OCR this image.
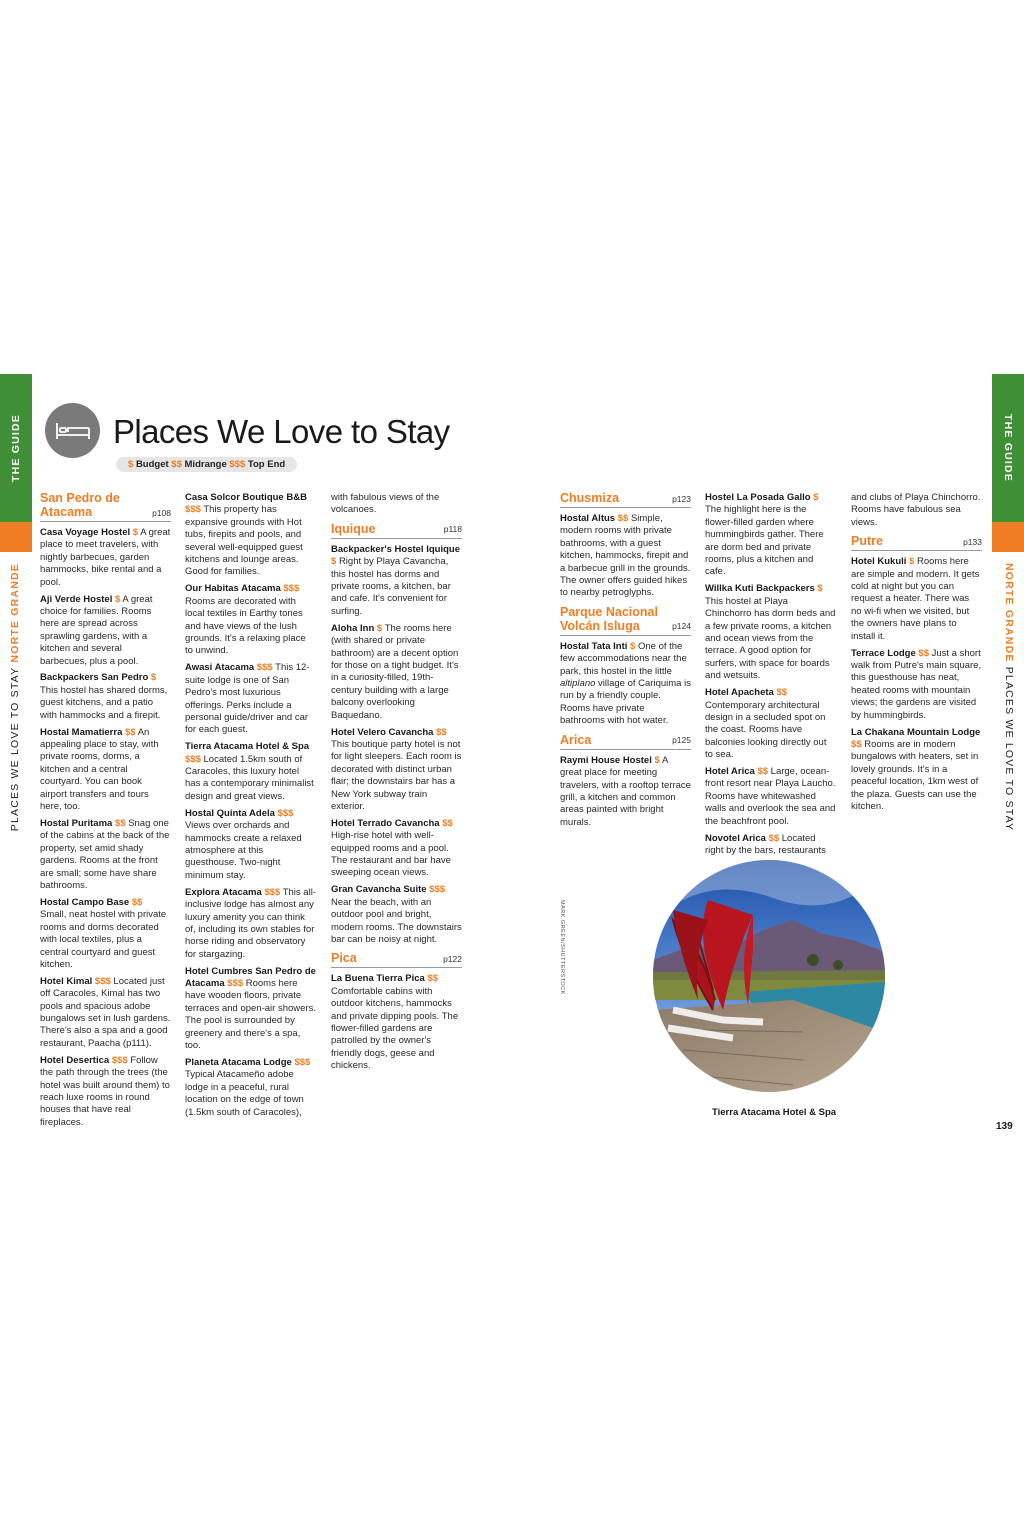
THE GUIDE
PLACES WE LOVE TO STAY NORTE GRANDE
THE GUIDE
NORTE GRANDE PLACES WE LOVE TO STAY
Places We Love to Stay
$ Budget $$ Midrange $$$ Top End
San Pedro de Atacama	p108

Casa Voyage Hostel $ A great place to meet travelers, with nightly barbecues, garden hammocks, bike rental and a pool.

Aji Verde Hostel $ A great choice for families. Rooms here are spread across sprawling gardens, with a kitchen and several barbecues, plus a pool.

Backpackers San Pedro $ This hostel has shared dorms, guest kitchens, and a patio with hammocks and a firepit.

Hostal Mamatierra $$ An appealing place to stay, with private rooms, dorms, a kitchen and a central courtyard. You can book airport transfers and tours here, too.

Hostal Puritama $$ Snag one of the cabins at the back of the property, set amid shady gardens. Rooms at the front are small; some have share bathrooms.

Hostal Campo Base $$ Small, neat hostel with private rooms and dorms decorated with local textiles, plus a central courtyard and guest kitchen.

Hotel Kimal $$$ Located just off Caracoles, Kimal has two pools and spacious adobe bungalows set in lush gardens. There's also a spa and a good restaurant, Paacha (p111).

Hotel Desertica $$$ Follow the path through the trees (the hotel was built around them) to reach luxe rooms in round houses that have real fireplaces.

Casa Solcor Boutique B&B $$$ This property has expansive grounds with Hot tubs, firepits and pools, and several well-equipped guest kitchens and lounge areas. Good for families.

Our Habitas Atacama $$$ Rooms are decorated with local textiles in Earthy tones and have views of the lush grounds. It's a relaxing place to unwind.

Awasi Atacama $$$ This 12-suite lodge is one of San Pedro's most luxurious offerings. Perks include a personal guide/driver and car for each guest.

Tierra Atacama Hotel & Spa $$$ Located 1.5km south of Caracoles, this luxury hotel has a contemporary minimalist design and great views.

Hostal Quinta Adela $$$ Views over orchards and hammocks create a relaxed atmosphere at this guesthouse. Two-night minimum stay.

Explora Atacama $$$ This all-inclusive lodge has almost any luxury amenity you can think of, including its own stables for horse riding and observatory for stargazing.

Hotel Cumbres San Pedro de Atacama $$$ Rooms here have wooden floors, private terraces and open-air showers. The pool is surrounded by greenery and there's a spa, too.

Planeta Atacama Lodge $$$ Typical Atacameño adobe lodge in a peaceful, rural location on the edge of town (1.5km south of Caracoles),

with fabulous views of the volcanoes.

Iquique	p118

Backpacker's Hostel Iquique $ Right by Playa Cavancha, this hostel has dorms and private rooms, a kitchen, bar and cafe. It's convenient for surfing.

Aloha Inn $ The rooms here (with shared or private bathroom) are a decent option for those on a tight budget. It's in a curiosity-filled, 19th-century building with a large balcony overlooking Baquedano.

Hotel Velero Cavancha $$ This boutique party hotel is not for light sleepers. Each room is decorated with distinct urban flair; the downstairs bar has a New York subway train exterior.

Hotel Terrado Cavancha $$ High-rise hotel with well-equipped rooms and a pool. The restaurant and bar have sweeping ocean views.

Gran Cavancha Suite $$$ Near the beach, with an outdoor pool and bright, modern rooms. The downstairs bar can be noisy at night.

Pica	p122

La Buena Tierra Pica $$ Comfortable cabins with outdoor kitchens, hammocks and private dipping pools. The flower-filled gardens are patrolled by the owner's friendly dogs, geese and chickens.

Chusmiza	p123

Hostal Altus $$ Simple, modern rooms with private bathrooms, with a guest kitchen, hammocks, firepit and a barbecue grill in the grounds. The owner offers guided hikes to nearby petroglyphs.

Parque Nacional Volcán Isluga	p124

Hostal Tata Inti $ One of the few accommodations near the park, this hostel in the little altiplano village of Cariquima is run by a friendly couple. Rooms have private bathrooms with hot water.

Arica	p125

Raymi House Hostel $ A great place for meeting travelers, with a rooftop terrace grill, a kitchen and common areas painted with bright murals.

Hostel La Posada Gallo $ The highlight here is the flower-filled garden where hummingbirds gather. There are dorm bed and private rooms, plus a kitchen and cafe.

Willka Kuti Backpackers $ This hostel at Playa Chinchorro has dorm beds and a few private rooms, a kitchen and ocean views from the terrace. A good option for surfers, with space for boards and wetsuits.

Hotel Apacheta $$ Contemporary architectural design in a secluded spot on the coast. Rooms have balconies looking directly out to sea.

Hotel Arica $$ Large, ocean-front resort near Playa Laucho. Rooms have whitewashed walls and overlook the sea and the beachfront pool.

Novotel Arica $$ Located right by the bars, restaurants

and clubs of Playa Chinchorro. Rooms have fabulous sea views.

Putre	p133

Hotel Kukuli $ Rooms here are simple and modern. It gets cold at night but you can request a heater. There was no wi-fi when we visited, but the owners have plans to install it.

Terrace Lodge $$ Just a short walk from Putre's main square, this guesthouse has neat, heated rooms with mountain views; the gardens are visited by hummingbirds.

La Chakana Mountain Lodge $$ Rooms are in modern bungalows with heaters, set in lovely grounds. It's in a peaceful location, 1km west of the plaza. Guests can use the kitchen.

MARK GREEN/SHUTTERSTOCK
Tierra Atacama Hotel & Spa
139
